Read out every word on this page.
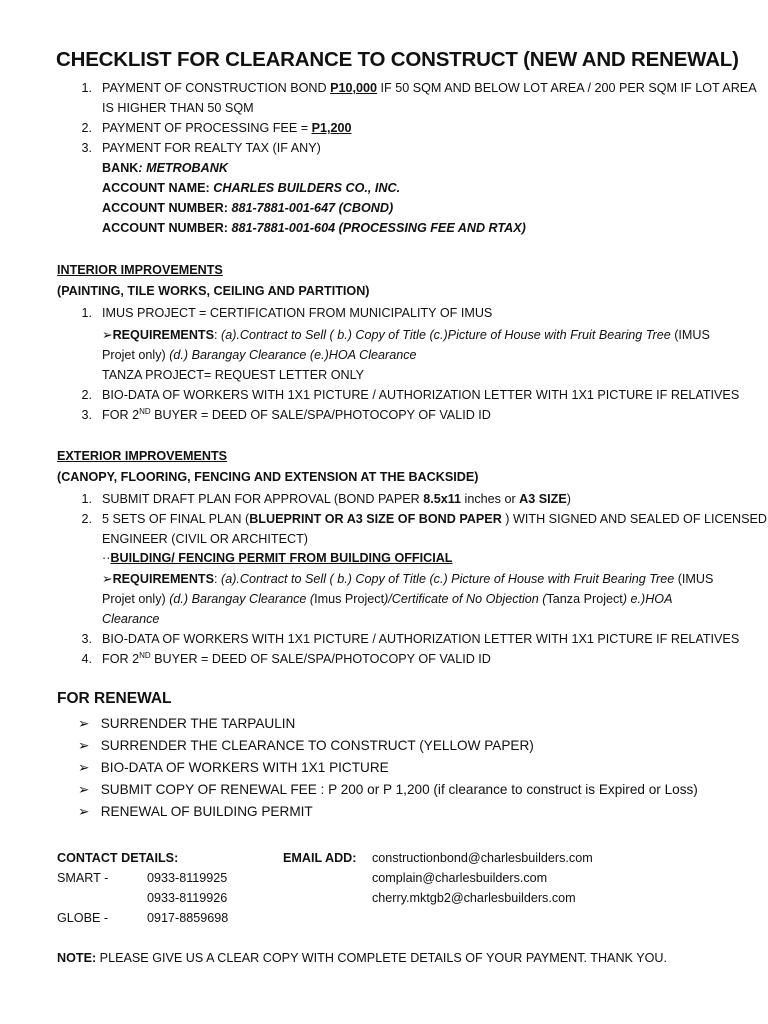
CHECKLIST FOR CLEARANCE TO CONSTRUCT (NEW AND RENEWAL)
1. PAYMENT OF CONSTRUCTION BOND P10,000 IF 50 SQM AND BELOW LOT AREA / 200 PER SQM IF LOT AREA
IS HIGHER THAN 50 SQM
2. PAYMENT OF PROCESSING FEE = P1,200
3. PAYMENT FOR REALTY TAX (IF ANY)
BANK: METROBANK
ACCOUNT NAME: CHARLES BUILDERS CO., INC.
ACCOUNT NUMBER: 881-7881-001-647 (CBOND)
ACCOUNT NUMBER: 881-7881-001-604 (PROCESSING FEE AND RTAX)
INTERIOR IMPROVEMENTS
(PAINTING, TILE WORKS, CEILING AND PARTITION)
1. IMUS PROJECT = CERTIFICATION FROM MUNICIPALITY OF IMUS
➢REQUIREMENTS: (a).Contract to Sell ( b.) Copy of Title (c.)Picture of House with Fruit Bearing Tree (IMUS
Projet only) (d.) Barangay Clearance (e.)HOA Clearance
TANZA PROJECT= REQUEST LETTER ONLY
2. BIO-DATA OF WORKERS WITH 1X1 PICTURE / AUTHORIZATION LETTER WITH 1X1 PICTURE IF RELATIVES
3. FOR 2ND BUYER = DEED OF SALE/SPA/PHOTOCOPY OF VALID ID
EXTERIOR IMPROVEMENTS
(CANOPY, FLOORING, FENCING AND EXTENSION AT THE BACKSIDE)
1. SUBMIT DRAFT PLAN FOR APPROVAL (BOND PAPER 8.5x11 inches or A3 SIZE)
2. 5 SETS OF FINAL PLAN (BLUEPRINT OR A3 SIZE OF BOND PAPER ) WITH SIGNED AND SEALED OF LICENSED
ENGINEER (CIVIL OR ARCHITECT)
··BUILDING/ FENCING PERMIT FROM BUILDING OFFICIAL
➢REQUIREMENTS: (a).Contract to Sell ( b.) Copy of Title (c.) Picture of House with Fruit Bearing Tree (IMUS
Projet only) (d.) Barangay Clearance (Imus Project)/Certificate of No Objection (Tanza Project) e.)HOA
Clearance
3. BIO-DATA OF WORKERS WITH 1X1 PICTURE / AUTHORIZATION LETTER WITH 1X1 PICTURE IF RELATIVES
4. FOR 2ND BUYER = DEED OF SALE/SPA/PHOTOCOPY OF VALID ID
FOR RENEWAL
➢ SURRENDER THE TARPAULIN
➢ SURRENDER THE CLEARANCE TO CONSTRUCT (YELLOW PAPER)
➢ BIO-DATA OF WORKERS WITH 1X1 PICTURE
➢ SUBMIT COPY OF RENEWAL FEE : P 200 or P 1,200 (if clearance to construct is Expired or Loss)
➢ RENEWAL OF BUILDING PERMIT
CONTACT DETAILS:
SMART -	0933-8119925
0933-8119926
GLOBE -	0917-8859698
EMAIL ADD: constructionbond@charlesbuilders.com
complain@charlesbuilders.com
cherry.mktgb2@charlesbuilders.com
NOTE: PLEASE GIVE US A CLEAR COPY WITH COMPLETE DETAILS OF YOUR PAYMENT. THANK YOU.
